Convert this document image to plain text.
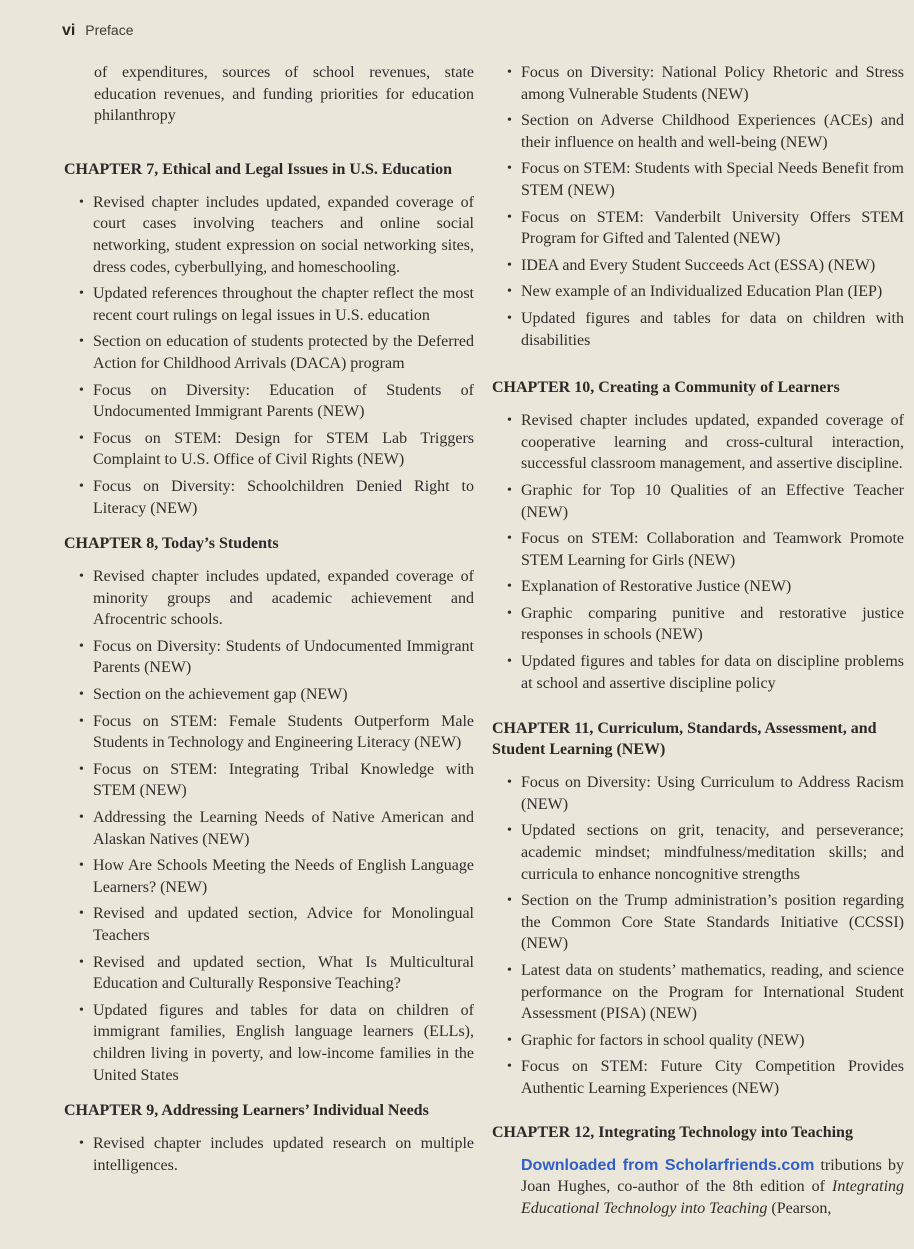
vi Preface
of expenditures, sources of school revenues, state education revenues, and funding priorities for education philanthropy
CHAPTER 7, Ethical and Legal Issues in U.S. Education
• Revised chapter includes updated, expanded coverage of court cases involving teachers and online social networking, student expression on social networking sites, dress codes, cyberbullying, and homeschooling.
• Updated references throughout the chapter reflect the most recent court rulings on legal issues in U.S. education
• Section on education of students protected by the Deferred Action for Childhood Arrivals (DACA) program
• Focus on Diversity: Education of Students of Undocumented Immigrant Parents (NEW)
• Focus on STEM: Design for STEM Lab Triggers Complaint to U.S. Office of Civil Rights (NEW)
• Focus on Diversity: Schoolchildren Denied Right to Literacy (NEW)
CHAPTER 8, Today’s Students
• Revised chapter includes updated, expanded coverage of minority groups and academic achievement and Afrocentric schools.
• Focus on Diversity: Students of Undocumented Immigrant Parents (NEW)
• Section on the achievement gap (NEW)
• Focus on STEM: Female Students Outperform Male Students in Technology and Engineering Literacy (NEW)
• Focus on STEM: Integrating Tribal Knowledge with STEM (NEW)
• Addressing the Learning Needs of Native American and Alaskan Natives (NEW)
• How Are Schools Meeting the Needs of English Language Learners? (NEW)
• Revised and updated section, Advice for Monolingual Teachers
• Revised and updated section, What Is Multicultural Education and Culturally Responsive Teaching?
• Updated figures and tables for data on children of immigrant families, English language learners (ELLs), children living in poverty, and low-income families in the United States
CHAPTER 9, Addressing Learners’ Individual Needs
• Revised chapter includes updated research on multiple intelligences.
• Focus on Diversity: National Policy Rhetoric and Stress among Vulnerable Students (NEW)
• Section on Adverse Childhood Experiences (ACEs) and their influence on health and well-being (NEW)
• Focus on STEM: Students with Special Needs Benefit from STEM (NEW)
• Focus on STEM: Vanderbilt University Offers STEM Program for Gifted and Talented (NEW)
• IDEA and Every Student Succeeds Act (ESSA) (NEW)
• New example of an Individualized Education Plan (IEP)
• Updated figures and tables for data on children with disabilities
CHAPTER 10, Creating a Community of Learners
• Revised chapter includes updated, expanded coverage of cooperative learning and cross-cultural interaction, successful classroom management, and assertive discipline.
• Graphic for Top 10 Qualities of an Effective Teacher (NEW)
• Focus on STEM: Collaboration and Teamwork Promote STEM Learning for Girls (NEW)
• Explanation of Restorative Justice (NEW)
• Graphic comparing punitive and restorative justice responses in schools (NEW)
• Updated figures and tables for data on discipline problems at school and assertive discipline policy
CHAPTER 11, Curriculum, Standards, Assessment, and Student Learning (NEW)
• Focus on Diversity: Using Curriculum to Address Racism (NEW)
• Updated sections on grit, tenacity, and perseverance; academic mindset; mindfulness/meditation skills; and curricula to enhance noncognitive strengths
• Section on the Trump administration’s position regarding the Common Core State Standards Initiative (CCSSI) (NEW)
• Latest data on students’ mathematics, reading, and science performance on the Program for International Student Assessment (PISA) (NEW)
• Graphic for factors in school quality (NEW)
• Focus on STEM: Future City Competition Provides Authentic Learning Experiences (NEW)
CHAPTER 12, Integrating Technology into Teaching
Downloaded from Scholarfriends.com tributions by Joan Hughes, co-author of the 8th edition of Integrating Educational Technology into Teaching (Pearson,
